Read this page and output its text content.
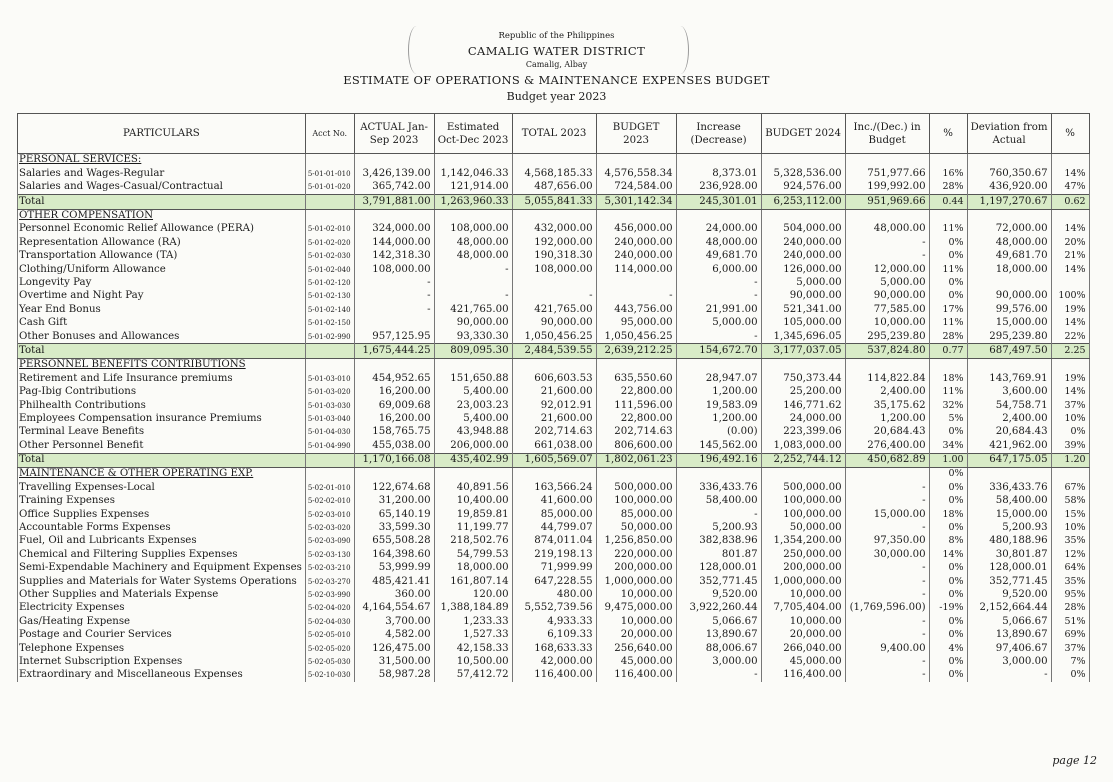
Republic of the Philippines
CAMALIG WATER DISTRICT
Camalig, Albay
ESTIMATE OF OPERATIONS & MAINTENANCE EXPENSES BUDGET
Budget year 2023
PARTICULARS	Acct No.	ACTUAL Jan-Sep 2023	Estimated Oct-Dec 2023	TOTAL 2023	BUDGET 2023	Increase (Decrease)	BUDGET 2024	Inc./(Dec.) in Budget	%	Deviation from Actual	%
PERSONAL SERVICES:											
Salaries and Wages-Regular	5-01-01-010	3,426,139.00	1,142,046.33	4,568,185.33	4,576,558.34	8,373.01	5,328,536.00	751,977.66	16%	760,350.67	14%
Salaries and Wages-Casual/Contractual	5-01-01-020	365,742.00	121,914.00	487,656.00	724,584.00	236,928.00	924,576.00	199,992.00	28%	436,920.00	47%
Total		3,791,881.00	1,263,960.33	5,055,841.33	5,301,142.34	245,301.01	6,253,112.00	951,969.66	0.44	1,197,270.67	0.62
OTHER COMPENSATION											
Personnel Economic Relief Allowance (PERA)	5-01-02-010	324,000.00	108,000.00	432,000.00	456,000.00	24,000.00	504,000.00	48,000.00	11%	72,000.00	14%
Representation Allowance (RA)	5-01-02-020	144,000.00	48,000.00	192,000.00	240,000.00	48,000.00	240,000.00	-	0%	48,000.00	20%
Transportation Allowance (TA)	5-01-02-030	142,318.30	48,000.00	190,318.30	240,000.00	49,681.70	240,000.00	-	0%	49,681.70	21%
Clothing/Uniform Allowance	5-01-02-040	108,000.00	-	108,000.00	114,000.00	6,000.00	126,000.00	12,000.00	11%	18,000.00	14%
Longevity Pay	5-01-02-120	-				-	5,000.00	5,000.00	0%		
Overtime and Night Pay	5-01-02-130	-	-	-	-	-	90,000.00	90,000.00	0%	90,000.00	100%
Year End Bonus	5-01-02-140	-	421,765.00	421,765.00	443,756.00	21,991.00	521,341.00	77,585.00	17%	99,576.00	19%
Cash Gift	5-01-02-150		90,000.00	90,000.00	95,000.00	5,000.00	105,000.00	10,000.00	11%	15,000.00	14%
Other Bonuses and Allowances	5-01-02-990	957,125.95	93,330.30	1,050,456.25	1,050,456.25	-	1,345,696.05	295,239.80	28%	295,239.80	22%
Total		1,675,444.25	809,095.30	2,484,539.55	2,639,212.25	154,672.70	3,177,037.05	537,824.80	0.77	687,497.50	2.25
PERSONNEL BENEFITS CONTRIBUTIONS											
Retirement and Life Insurance premiums	5-01-03-010	454,952.65	151,650.88	606,603.53	635,550.60	28,947.07	750,373.44	114,822.84	18%	143,769.91	19%
Pag-Ibig Contributions	5-01-03-020	16,200.00	5,400.00	21,600.00	22,800.00	1,200.00	25,200.00	2,400.00	11%	3,600.00	14%
Philhealth Contributions	5-01-03-030	69,009.68	23,003.23	92,012.91	111,596.00	19,583.09	146,771.62	35,175.62	32%	54,758.71	37%
Employees Compensation insurance Premiums	5-01-03-040	16,200.00	5,400.00	21,600.00	22,800.00	1,200.00	24,000.00	1,200.00	5%	2,400.00	10%
Terminal Leave Benefits	5-01-04-030	158,765.75	43,948.88	202,714.63	202,714.63	(0.00)	223,399.06	20,684.43	0%	20,684.43	0%
Other Personnel Benefit	5-01-04-990	455,038.00	206,000.00	661,038.00	806,600.00	145,562.00	1,083,000.00	276,400.00	34%	421,962.00	39%
Total		1,170,166.08	435,402.99	1,605,569.07	1,802,061.23	196,492.16	2,252,744.12	450,682.89	1.00	647,175.05	1.20
MAINTENANCE & OTHER OPERATING EXP.									0%		
Travelling Expenses-Local	5-02-01-010	122,674.68	40,891.56	163,566.24	500,000.00	336,433.76	500,000.00	-	0%	336,433.76	67%
Training Expenses	5-02-02-010	31,200.00	10,400.00	41,600.00	100,000.00	58,400.00	100,000.00	-	0%	58,400.00	58%
Office Supplies Expenses	5-02-03-010	65,140.19	19,859.81	85,000.00	85,000.00	-	100,000.00	15,000.00	18%	15,000.00	15%
Accountable Forms Expenses	5-02-03-020	33,599.30	11,199.77	44,799.07	50,000.00	5,200.93	50,000.00	-	0%	5,200.93	10%
Fuel, Oil and Lubricants Expenses	5-02-03-090	655,508.28	218,502.76	874,011.04	1,256,850.00	382,838.96	1,354,200.00	97,350.00	8%	480,188.96	35%
Chemical and Filtering Supplies Expenses	5-02-03-130	164,398.60	54,799.53	219,198.13	220,000.00	801.87	250,000.00	30,000.00	14%	30,801.87	12%
Semi-Expendable Machinery and Equipment Expenses	5-02-03-210	53,999.99	18,000.00	71,999.99	200,000.00	128,000.01	200,000.00	-	0%	128,000.01	64%
Supplies and Materials for Water Systems Operations	5-02-03-270	485,421.41	161,807.14	647,228.55	1,000,000.00	352,771.45	1,000,000.00	-	0%	352,771.45	35%
Other Supplies and Materials Expense	5-02-03-990	360.00	120.00	480.00	10,000.00	9,520.00	10,000.00	-	0%	9,520.00	95%
Electricity Expenses	5-02-04-020	4,164,554.67	1,388,184.89	5,552,739.56	9,475,000.00	3,922,260.44	7,705,404.00	(1,769,596.00)	-19%	2,152,664.44	28%
Gas/Heating Expense	5-02-04-030	3,700.00	1,233.33	4,933.33	10,000.00	5,066.67	10,000.00	-	0%	5,066.67	51%
Postage and Courier Services	5-02-05-010	4,582.00	1,527.33	6,109.33	20,000.00	13,890.67	20,000.00	-	0%	13,890.67	69%
Telephone Expenses	5-02-05-020	126,475.00	42,158.33	168,633.33	256,640.00	88,006.67	266,040.00	9,400.00	4%	97,406.67	37%
Internet Subscription Expenses	5-02-05-030	31,500.00	10,500.00	42,000.00	45,000.00	3,000.00	45,000.00	-	0%	3,000.00	7%
Extraordinary and Miscellaneous Expenses	5-02-10-030	58,987.28	57,412.72	116,400.00	116,400.00	-	116,400.00	-	0%	-	0%
page 12
